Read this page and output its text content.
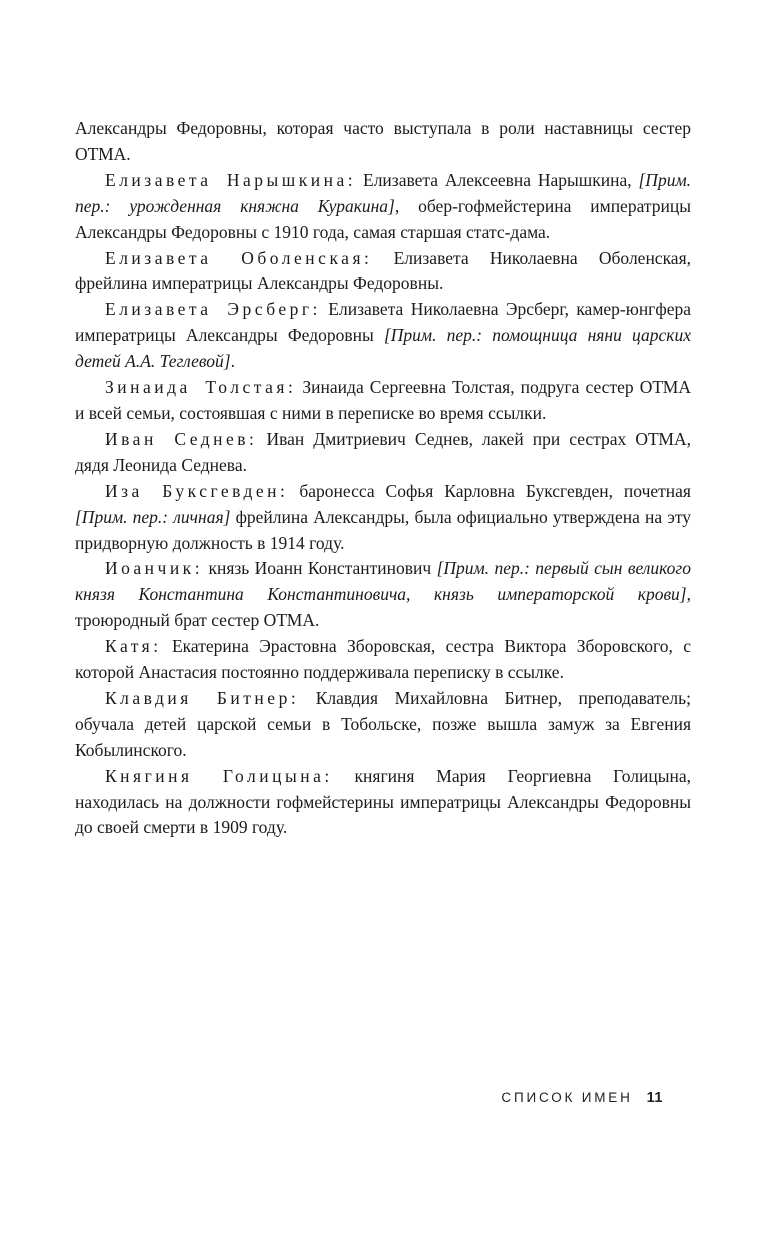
Александры Федоровны, которая часто выступала в роли наставницы сестер ОТМА.

Елизавета Нарышкина: Елизавета Алексеевна Нарышкина, [Прим. пер.: урожденная княжна Куракина], обер-гофмейстерина императрицы Александры Федоровны с 1910 года, самая старшая статс-дама.

Елизавета Оболенская: Елизавета Николаевна Оболенская, фрейлина императрицы Александры Федоровны.

Елизавета Эрсберг: Елизавета Николаевна Эрсберг, камер-юнгфера императрицы Александры Федоровны [Прим. пер.: помощница няни царских детей А.А. Теглевой].

Зинаида Толстая: Зинаида Сергеевна Толстая, подруга сестер ОТМА и всей семьи, состоявшая с ними в переписке во время ссылки.

Иван Седнев: Иван Дмитриевич Седнев, лакей при сестрах ОТМА, дядя Леонида Седнева.

Иза Буксгевден: баронесса Софья Карловна Буксгевден, почетная [Прим. пер.: личная] фрейлина Александры, была официально утверждена на эту придворную должность в 1914 году.

Иоанчик: князь Иоанн Константинович [Прим. пер.: первый сын великого князя Константина Константиновича, князь императорской крови], троюродный брат сестер ОТМА.

Катя: Екатерина Эрастовна Зборовская, сестра Виктора Зборовского, с которой Анастасия постоянно поддерживала переписку в ссылке.

Клавдия Битнер: Клавдия Михайловна Битнер, преподаватель; обучала детей царской семьи в Тобольске, позже вышла замуж за Евгения Кобылинского.

Княгиня Голицына: княгиня Мария Георгиевна Голицына, находилась на должности гофмейстерины императрицы Александры Федоровны до своей смерти в 1909 году.

СПИСОК ИМЕН 11
